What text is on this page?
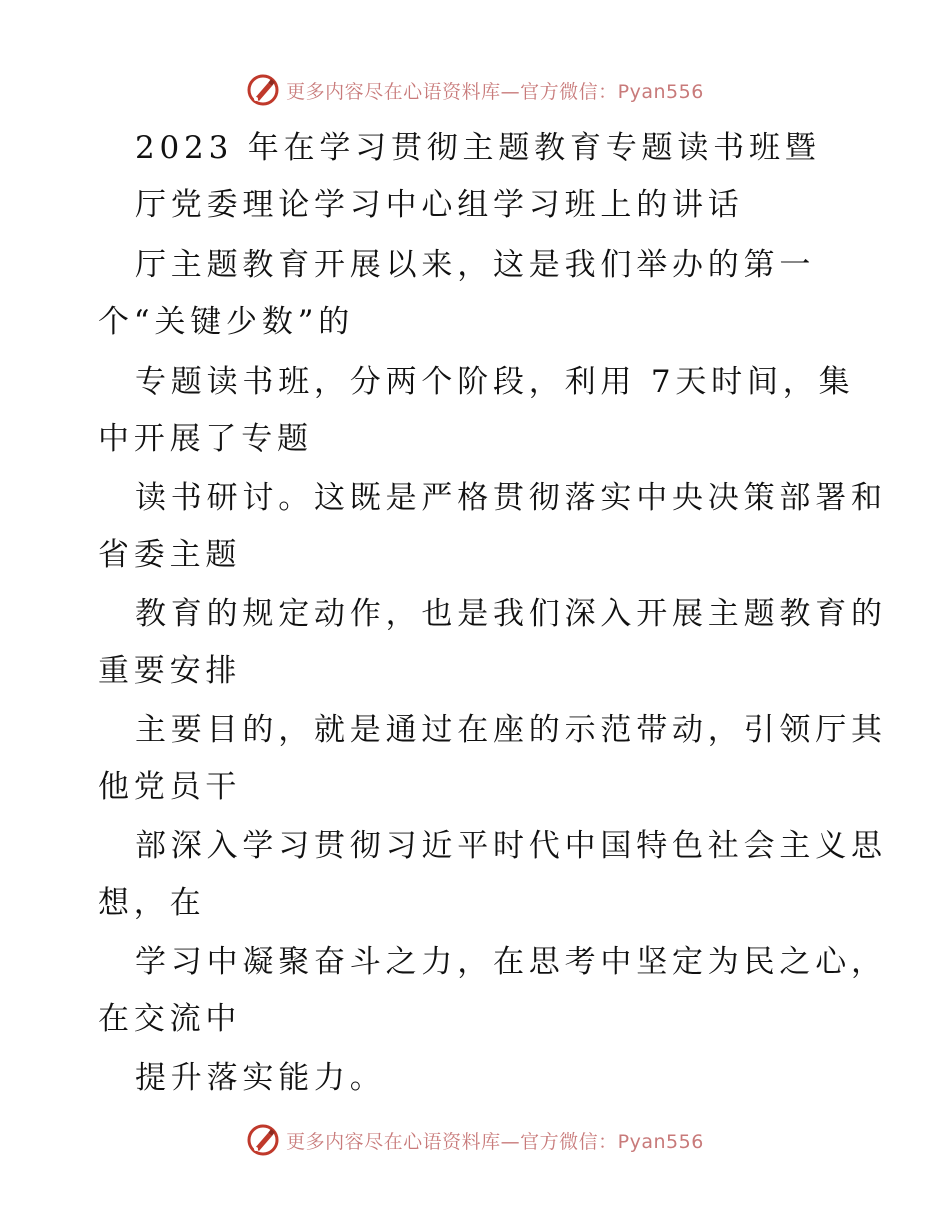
更多内容尽在心语资料库—官方微信：Pyan556
2023 年在学习贯彻主题教育专题读书班暨
厅党委理论学习中心组学习班上的讲话
厅主题教育开展以来，这是我们举办的第一
个“关键少数”的
专题读书班，分两个阶段，利用 7天时间，集
中开展了专题
读书研讨。这既是严格贯彻落实中央决策部署和
省委主题
教育的规定动作，也是我们深入开展主题教育的
重要安排
主要目的，就是通过在座的示范带动，引领厅其
他党员干
部深入学习贯彻习近平时代中国特色社会主义思
想，在
学习中凝聚奋斗之力，在思考中坚定为民之心，
在交流中
提升落实能力。
更多内容尽在心语资料库—官方微信：Pyan556
